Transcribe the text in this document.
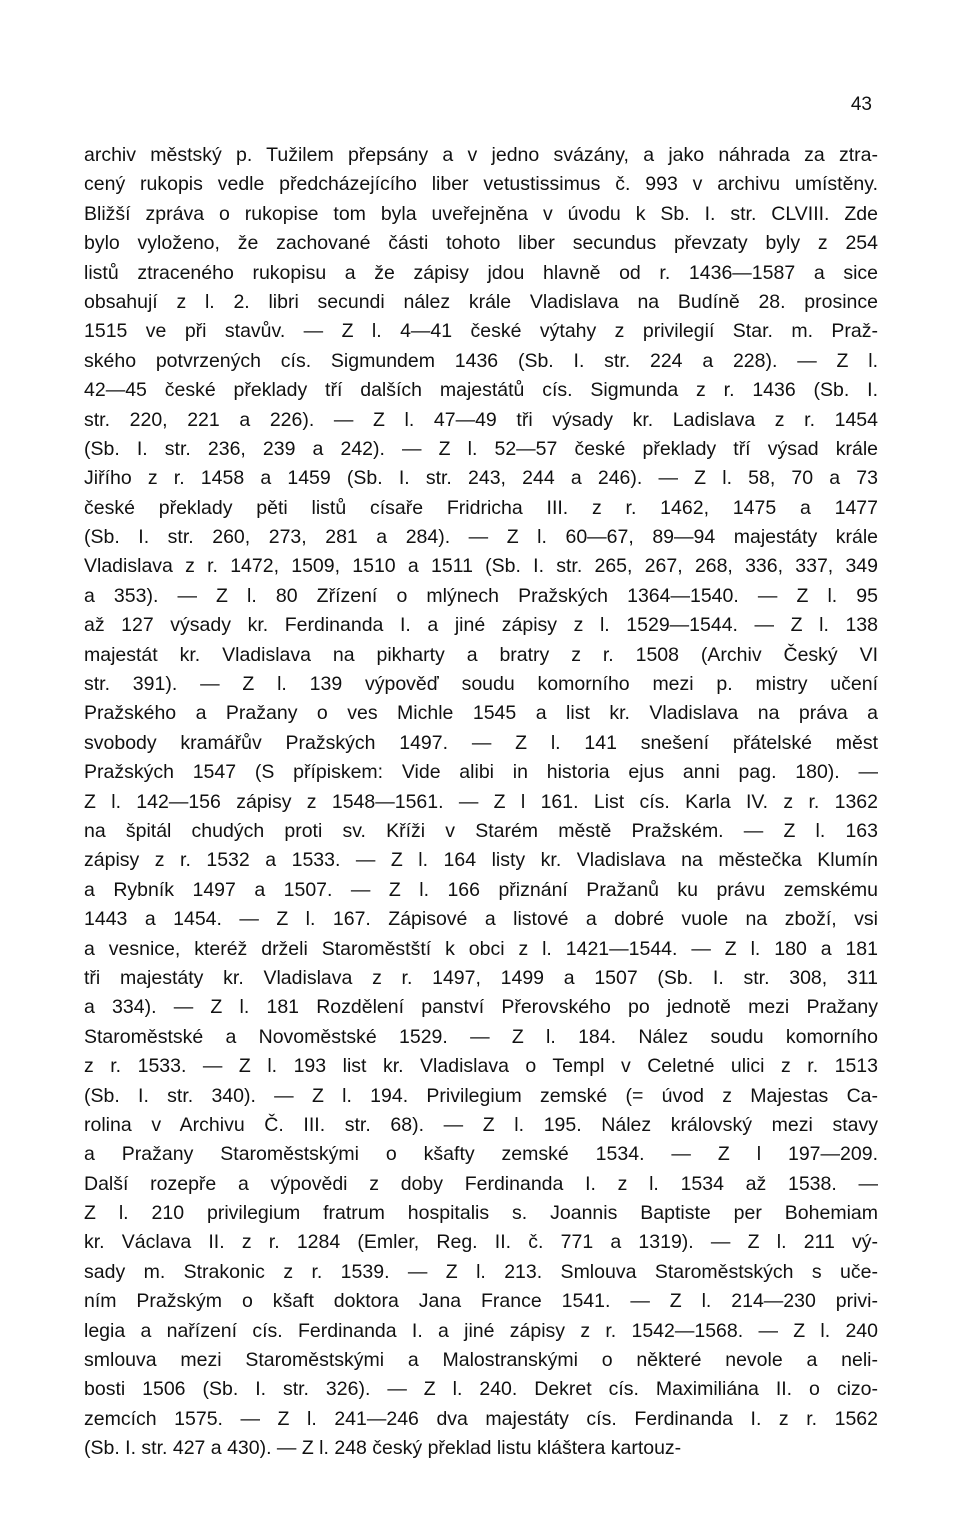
43
archiv městský p. Tužilem přepsány a v jedno svázány, a jako náhrada za ztra-
cený rukopis vedle předcházejícího liber vetustissimus č. 993 v archivu umístěny.
Bližší zpráva o rukopise tom byla uveřejněna v úvodu k Sb. I. str. CLVIII. Zde
bylo vyloženo, že zachované části tohoto liber secundus převzaty byly z 254
listů ztraceného rukopisu a že zápisy jdou hlavně od r. 1436—1587 a sice
obsahují z l. 2. libri secundi nález krále Vladislava na Budíně 28. prosince
1515 ve při stavův. — Z l. 4—41 české výtahy z privilegií Star. m. Praž-
ského potvrzených cís. Sigmundem 1436 (Sb. I. str. 224 a 228). — Z l.
42—45 české překlady tří dalších majestátů cís. Sigmunda z r. 1436 (Sb. I.
str. 220, 221 a 226). — Z l. 47—49 tři výsady kr. Ladislava z r. 1454
(Sb. I. str. 236, 239 a 242). — Z l. 52—57 české překlady tří výsad krále
Jiřího z r. 1458 a 1459 (Sb. I. str. 243, 244 a 246). — Z l. 58, 70 a 73
české překlady pěti listů císaře Fridricha III. z r. 1462, 1475 a 1477
(Sb. I. str. 260, 273, 281 a 284). — Z l. 60—67, 89—94 majestáty krále
Vladislava z r. 1472, 1509, 1510 a 1511 (Sb. I. str. 265, 267, 268, 336, 337, 349
a 353). — Z l. 80 Zřízení o mlýnech Pražských 1364—1540. — Z l. 95
až 127 výsady kr. Ferdinanda I. a jiné zápisy z l. 1529—1544. — Z l. 138
majestát kr. Vladislava na pikharty a bratry z r. 1508 (Archiv Český VI
str. 391). — Z l. 139 výpověď soudu komorního mezi p. mistry učení
Pražského a Pražany o ves Michle 1545 a list kr. Vladislava na práva a
svobody kramářův Pražských 1497. — Z l. 141 snešení přátelské měst
Pražských 1547 (S přípiskem: Vide alibi in historia ejus anni pag. 180). —
Z l. 142—156 zápisy z 1548—1561. — Z l 161. List cís. Karla IV. z r. 1362
na špitál chudých proti sv. Kříži v Starém městě Pražském. — Z l. 163
zápisy z r. 1532 a 1533. — Z l. 164 listy kr. Vladislava na městečka Klumín
a Rybník 1497 a 1507. — Z l. 166 přiznání Pražanů ku právu zemskému
1443 a 1454. — Z l. 167. Zápisové a listové a dobré vuole na zboží, vsi
a vesnice, kteréž drželi Staroměstští k obci z l. 1421—1544. — Z l. 180 a 181
tři majestáty kr. Vladislava z r. 1497, 1499 a 1507 (Sb. I. str. 308, 311
a 334). — Z l. 181 Rozdělení panství Přerovského po jednotě mezi Pražany
Staroměstské a Novoměstské 1529. — Z l. 184. Nález soudu komorního
z r. 1533. — Z l. 193 list kr. Vladislava o Templ v Celetné ulici z r. 1513
(Sb. I. str. 340). — Z l. 194. Privilegium zemské (= úvod z Majestas Ca-
rolina v Archivu Č. III. str. 68). — Z l. 195. Nález královský mezi stavy
a Pražany Staroměstskými o kšafty zemské 1534. — Z l 197—209.
Další rozepře a výpovědi z doby Ferdinanda I. z l. 1534 až 1538. —
Z l. 210 privilegium fratrum hospitalis s. Joannis Baptiste per Bohemiam
kr. Václava II. z r. 1284 (Emler, Reg. II. č. 771 a 1319). — Z l. 211 vý-
sady m. Strakonic z r. 1539. — Z l. 213. Smlouva Staroměstských s uče-
ním Pražským o kšaft doktora Jana France 1541. — Z l. 214—230 privi-
legia a nařízení cís. Ferdinanda I. a jiné zápisy z r. 1542—1568. — Z l. 240
smlouva mezi Staroměstskými a Malostranskými o některé nevole a neli-
bosti 1506 (Sb. I. str. 326). — Z l. 240. Dekret cís. Maximiliána II. o cizo-
zemcích 1575. — Z l. 241—246 dva majestáty cís. Ferdinanda I. z r. 1562
(Sb. I. str. 427 a 430). — Z l. 248 český překlad listu kláštera kartouz-
